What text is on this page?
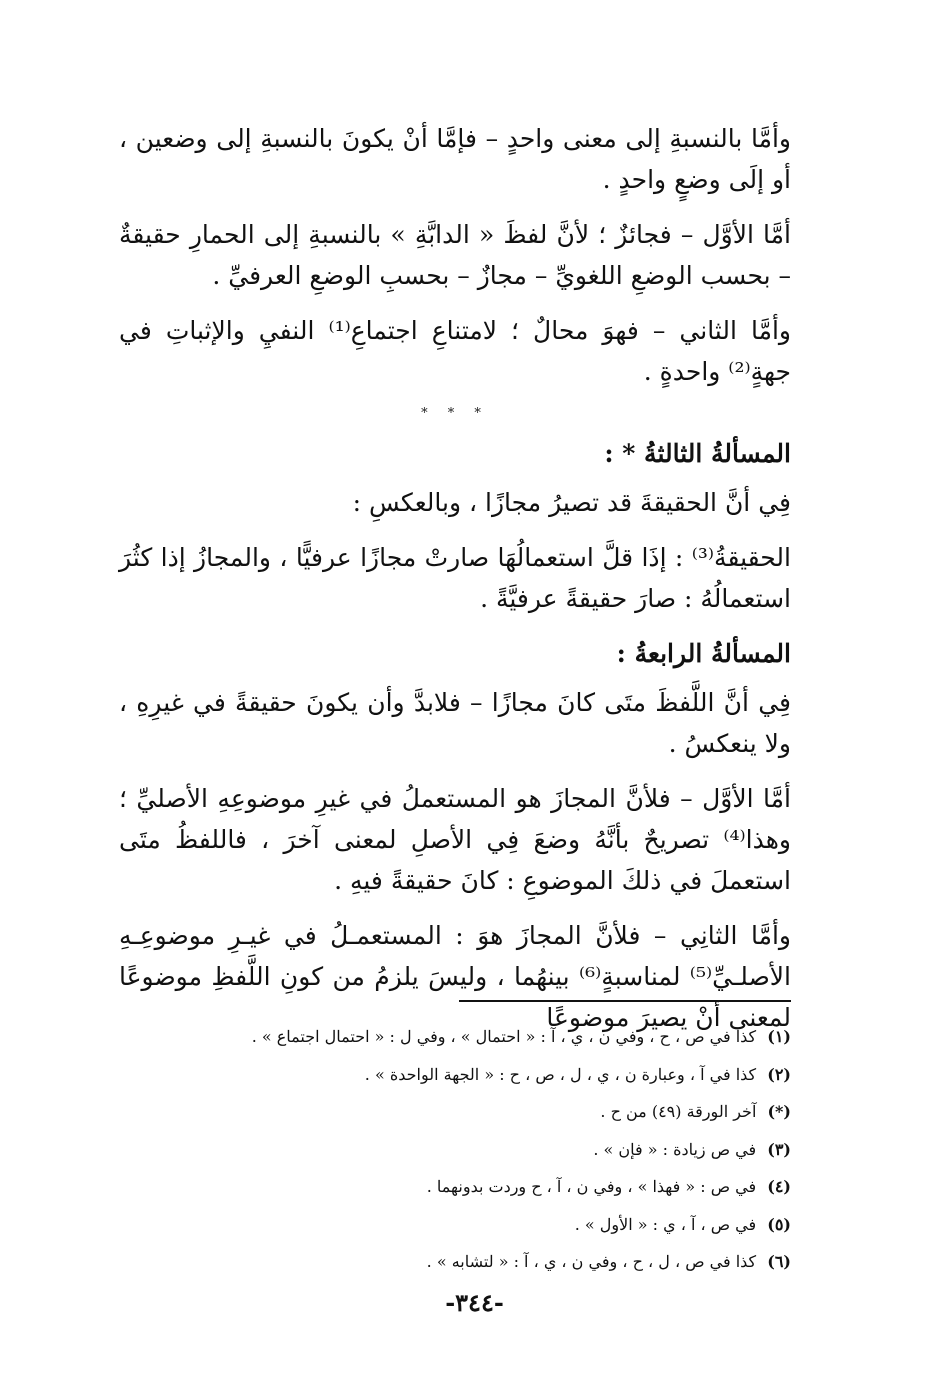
وأمَّا بالنسبةِ إلى معنى واحدٍ – فإمَّا أنْ يكونَ بالنسبةِ إلى وضعين ، أو إلَى وضعٍ واحدٍ .

أمَّا الأوَّل – فجائزٌ ؛ لأنَّ لفظَ « الدابَّةِ » بالنسبةِ إلى الحمارِ حقيقةٌ – بحسب الوضعِ اللغويِّ – مجازٌ – بحسبِ الوضعِ العرفيِّ .

وأمَّا الثاني – فهوَ محالٌ ؛ لامتناعِ اجتماعِ⁽¹⁾ النفيِ والإثباتِ في جهةٍ⁽²⁾ واحدةٍ .

* * *
المسألةُ الثالثةُ * :

فِي أنَّ الحقيقةَ قد تصيرُ مجازًا ، وبالعكسِ :

الحقيقةُ⁽³⁾ : إذَا قلَّ استعمالُهَا صارتْ مجازًا عرفيًّا ، والمجازُ إذا كثُرَ استعمالُهُ : صارَ حقيقةً عرفيَّةً .

المسألةُ الرابعةُ :

فِي أنَّ اللَّفظَ متَى كانَ مجازًا – فلابدَّ وأن يكونَ حقيقةً في غيرِهِ ، ولا ينعكسُ .

أمَّا الأوَّل – فلأنَّ المجازَ هو المستعملُ في غيرِ موضوعِهِ الأصليِّ ؛ وهذا⁽⁴⁾ تصريحٌ بأنَّهُ وضعَ فِي الأصلِ لمعنى آخرَ ، فاللفظُ متَى استعملَ في ذلكَ الموضوعِ : كانَ حقيقةً فيهِ .

وأمَّا الثانِي – فلأنَّ المجازَ هوَ : المستعمـلُ في غيـرِ موضوعِـهِ الأصلـيِّ⁽⁵⁾ لمناسبةٍ⁽⁶⁾ بينهُما ، وليسَ يلزمُ من كونِ اللَّفظِ موضوعًا لمعنى أنْ يصيرَ موضوعًا

(١) كذا في ص ، ح ، وفي ن ، ي ، آ : « احتمال » ، وفي ل : « احتمال اجتماع » .
(٢) كذا في آ ، وعبارة ن ، ي ، ل ، ص ، ح : « الجهة الواحدة » .
(*) آخر الورقة (٤٩) من ح .
(٣) في ص زيادة : « فإن » .
(٤) في ص : « فهذا » ، وفي ن ، آ ، ح وردت بدونهما .
(٥) في ص ، آ ، ي : « الأول » .
(٦) كذا في ص ، ل ، ح ، وفي ن ، ي ، آ : « لتشابه » .
-٣٤٤-
